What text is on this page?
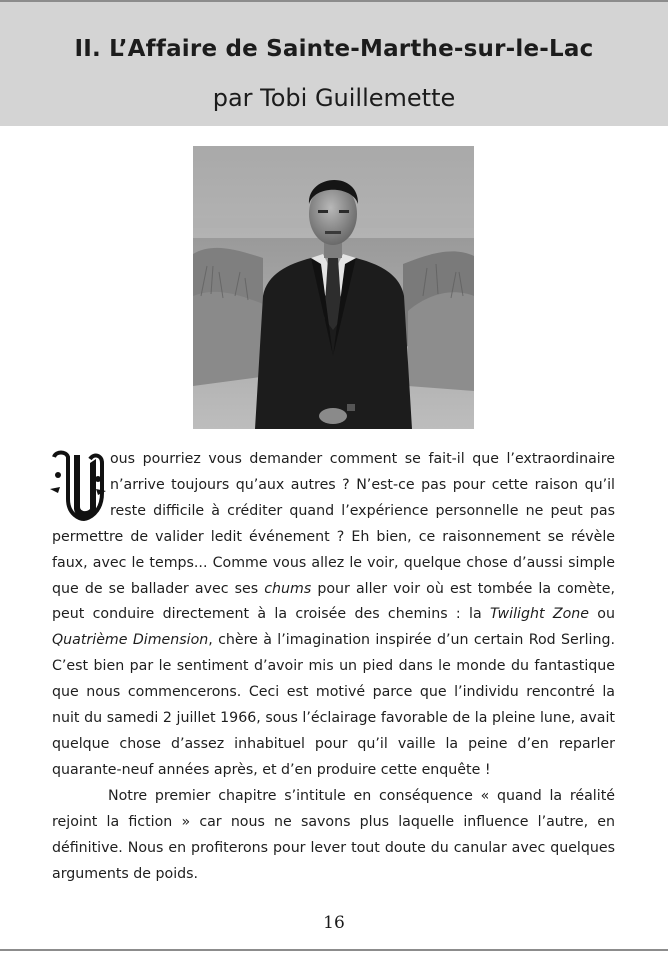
II. L’Affaire de Sainte-Marthe-sur-le-Lac
par Tobi Guillemette

ous pourriez vous demander comment se fait-il que l’extraordinaire n’arrive toujours qu’aux autres ? N’est-ce pas pour cette raison qu’il reste difficile à créditer quand l’expérience personnelle ne peut pas permettre de valider ledit événement ? Eh bien, ce raisonnement se révèle faux, avec le temps... Comme vous allez le voir, quelque chose d’aussi simple que de se ballader avec ses chums pour aller voir où est tombée la comète, peut conduire directement à la croisée des chemins : la Twilight Zone ou Quatrième Dimension, chère à l’imagination inspirée d’un certain Rod Serling. C’est bien par le sentiment d’avoir mis un pied dans le monde du fantastique que nous commencerons. Ceci est motivé parce que l’individu rencontré la nuit du samedi 2 juillet 1966, sous l’éclairage favorable de la pleine lune, avait quelque chose d’assez inhabituel pour qu’il vaille la peine d’en reparler quarante-neuf années après, et d’en produire cette enquête !

Notre premier chapitre s’intitule en conséquence « quand la réalité rejoint la fiction » car nous ne savons plus laquelle influence l’autre, en définitive. Nous en profiterons pour lever tout doute du canular avec quelques arguments de poids.

16
